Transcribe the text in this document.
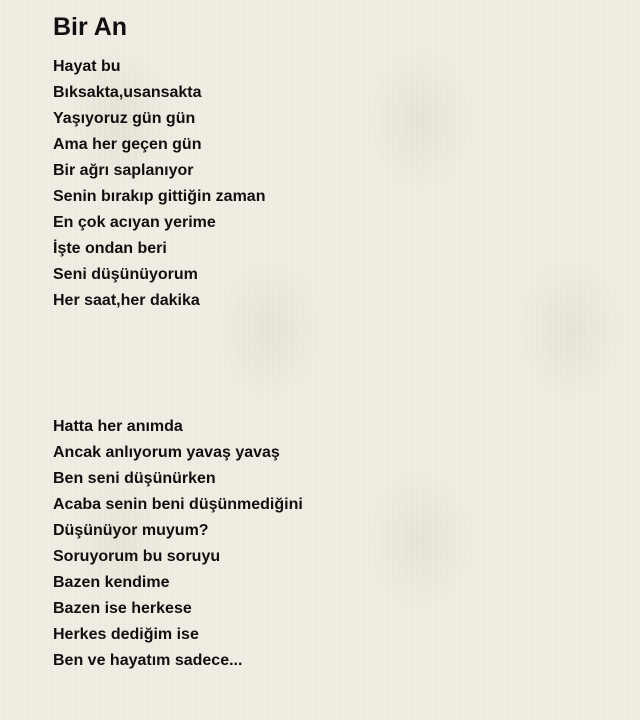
Bir An
Hayat bu
Bıksakta,usansakta
Yaşıyoruz gün gün
Ama her geçen gün
Bir ağrı saplanıyor
Senin bırakıp gittiğin zaman
En çok acıyan yerime
İşte ondan beri
Seni düşünüyorum
Her saat,her dakika
Hatta her anımda
Ancak anlıyorum yavaş yavaş
Ben seni düşünürken
Acaba senin beni düşünmediğini
Düşünüyor muyum?
Soruyorum bu soruyu
Bazen kendime
Bazen ise herkese
Herkes dediğim ise
Ben ve hayatım sadece...
